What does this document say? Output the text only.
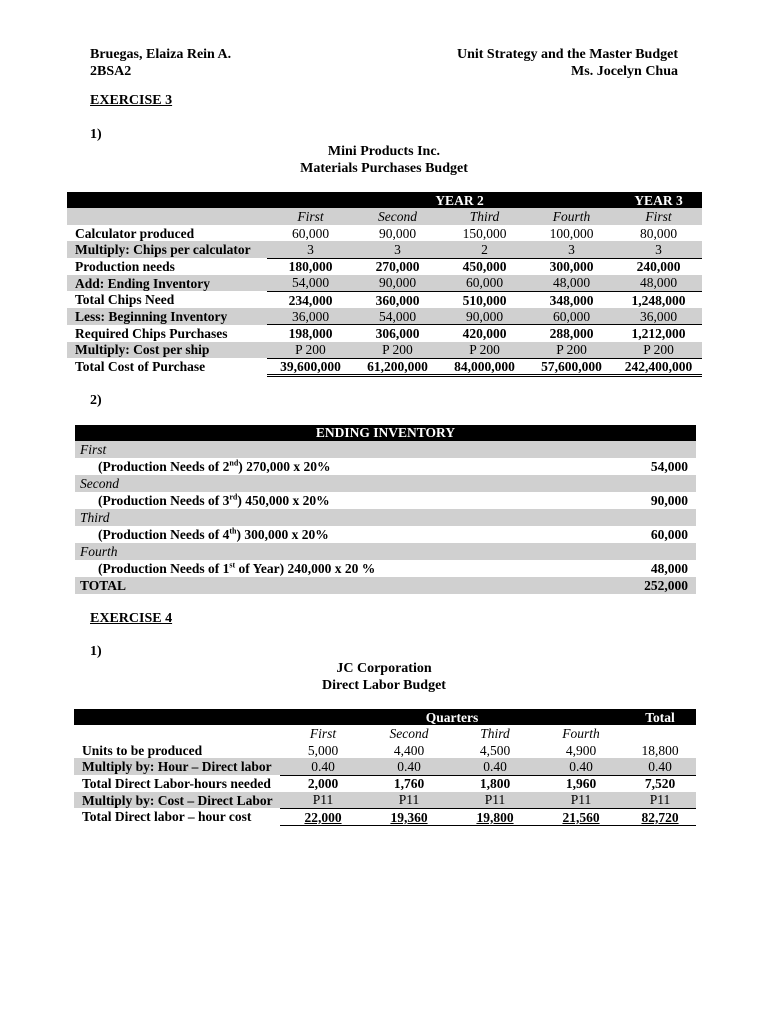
Bruegas, Elaiza Rein A.
2BSA2
Unit Strategy and the Master Budget
Ms. Jocelyn Chua
EXERCISE 3
1)
Mini Products Inc.
Materials Purchases Budget
		YEAR 2			YEAR 3
	First	Second	Third	Fourth	First
Calculator produced	60,000	90,000	150,000	100,000	80,000
Multiply: Chips per calculator	3	3	2	3	3
Production needs	180,000	270,000	450,000	300,000	240,000
Add: Ending Inventory	54,000	90,000	60,000	48,000	48,000
Total Chips Need	234,000	360,000	510,000	348,000	1,248,000
Less: Beginning Inventory	36,000	54,000	90,000	60,000	36,000
Required Chips Purchases	198,000	306,000	420,000	288,000	1,212,000
Multiply: Cost per ship	P 200	P 200	P 200	P 200	P 200
Total Cost of Purchase	39,600,000	61,200,000	84,000,000	57,600,000	242,400,000
2)
ENDING INVENTORY
First
(Production Needs of 2nd) 270,000 x 20%	54,000
Second
(Production Needs of 3rd) 450,000 x 20%	90,000
Third
(Production Needs of 4th) 300,000 x 20%	60,000
Fourth
(Production Needs of 1st of Year) 240,000 x 20 %	48,000
TOTAL	252,000
EXERCISE 4
1)
JC Corporation
Direct Labor Budget
		Quarters			Total
	First	Second	Third	Fourth	
Units to be produced	5,000	4,400	4,500	4,900	18,800
Multiply by: Hour – Direct labor	0.40	0.40	0.40	0.40	0.40
Total Direct Labor-hours needed	2,000	1,760	1,800	1,960	7,520
Multiply by: Cost – Direct Labor	P11	P11	P11	P11	P11
Total Direct labor – hour cost	22,000	19,360	19,800	21,560	82,720
